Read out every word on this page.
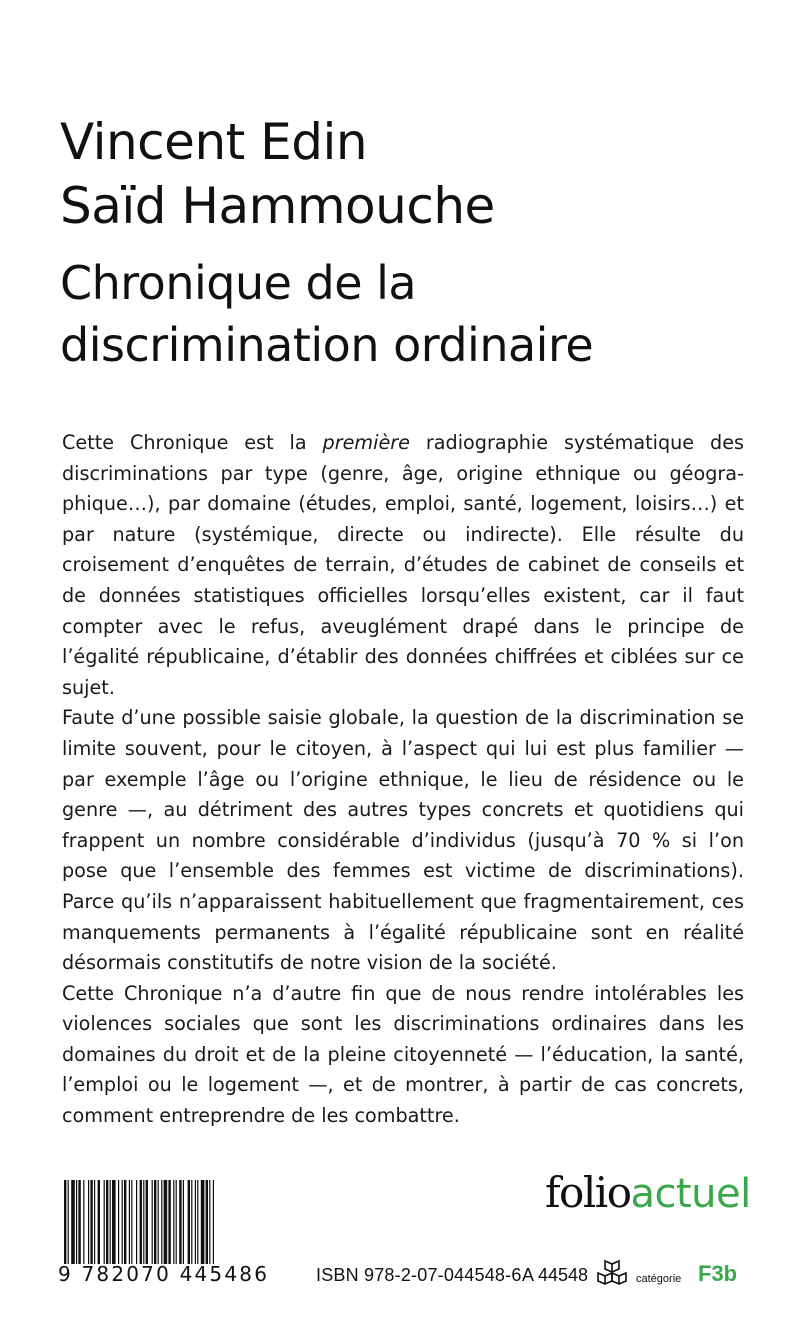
Vincent Edin
Saïd Hammouche
Chronique de la
discrimination ordinaire

Cette Chronique est la première radiographie systématique des discriminations par type (genre, âge, origine ethnique ou géographique…), par domaine (études, emploi, santé, logement, loisirs…) et par nature (systémique, directe ou indirecte). Elle résulte du croisement d’enquêtes de terrain, d’études de cabinet de conseils et de données statistiques officielles lorsqu’elles existent, car il faut compter avec le refus, aveuglément drapé dans le principe de l’égalité républicaine, d’établir des données chiffrées et ciblées sur ce sujet.

Faute d’une possible saisie globale, la question de la discrimination se limite souvent, pour le citoyen, à l’aspect qui lui est plus familier — par exemple l’âge ou l’origine ethnique, le lieu de résidence ou le genre —, au détriment des autres types concrets et quotidiens qui frappent un nombre considérable d’individus (jusqu’à 70 % si l’on pose que l’ensemble des femmes est victime de discriminations). Parce qu’ils n’apparaissent habituellement que fragmentairement, ces manquements permanents à l’égalité républicaine sont en réalité désormais constitutifs de notre vision de la société.

Cette Chronique n’a d’autre fin que de nous rendre intolérables les violences sociales que sont les discriminations ordinaires dans les domaines du droit et de la pleine citoyenneté — l’éducation, la santé, l’emploi ou le logement —, et de montrer, à partir de cas concrets, comment entreprendre de les combattre.

9 782070 445486
folioactuel
ISBN 978-2-07-044548-6 A 44548	catégorie F3b
